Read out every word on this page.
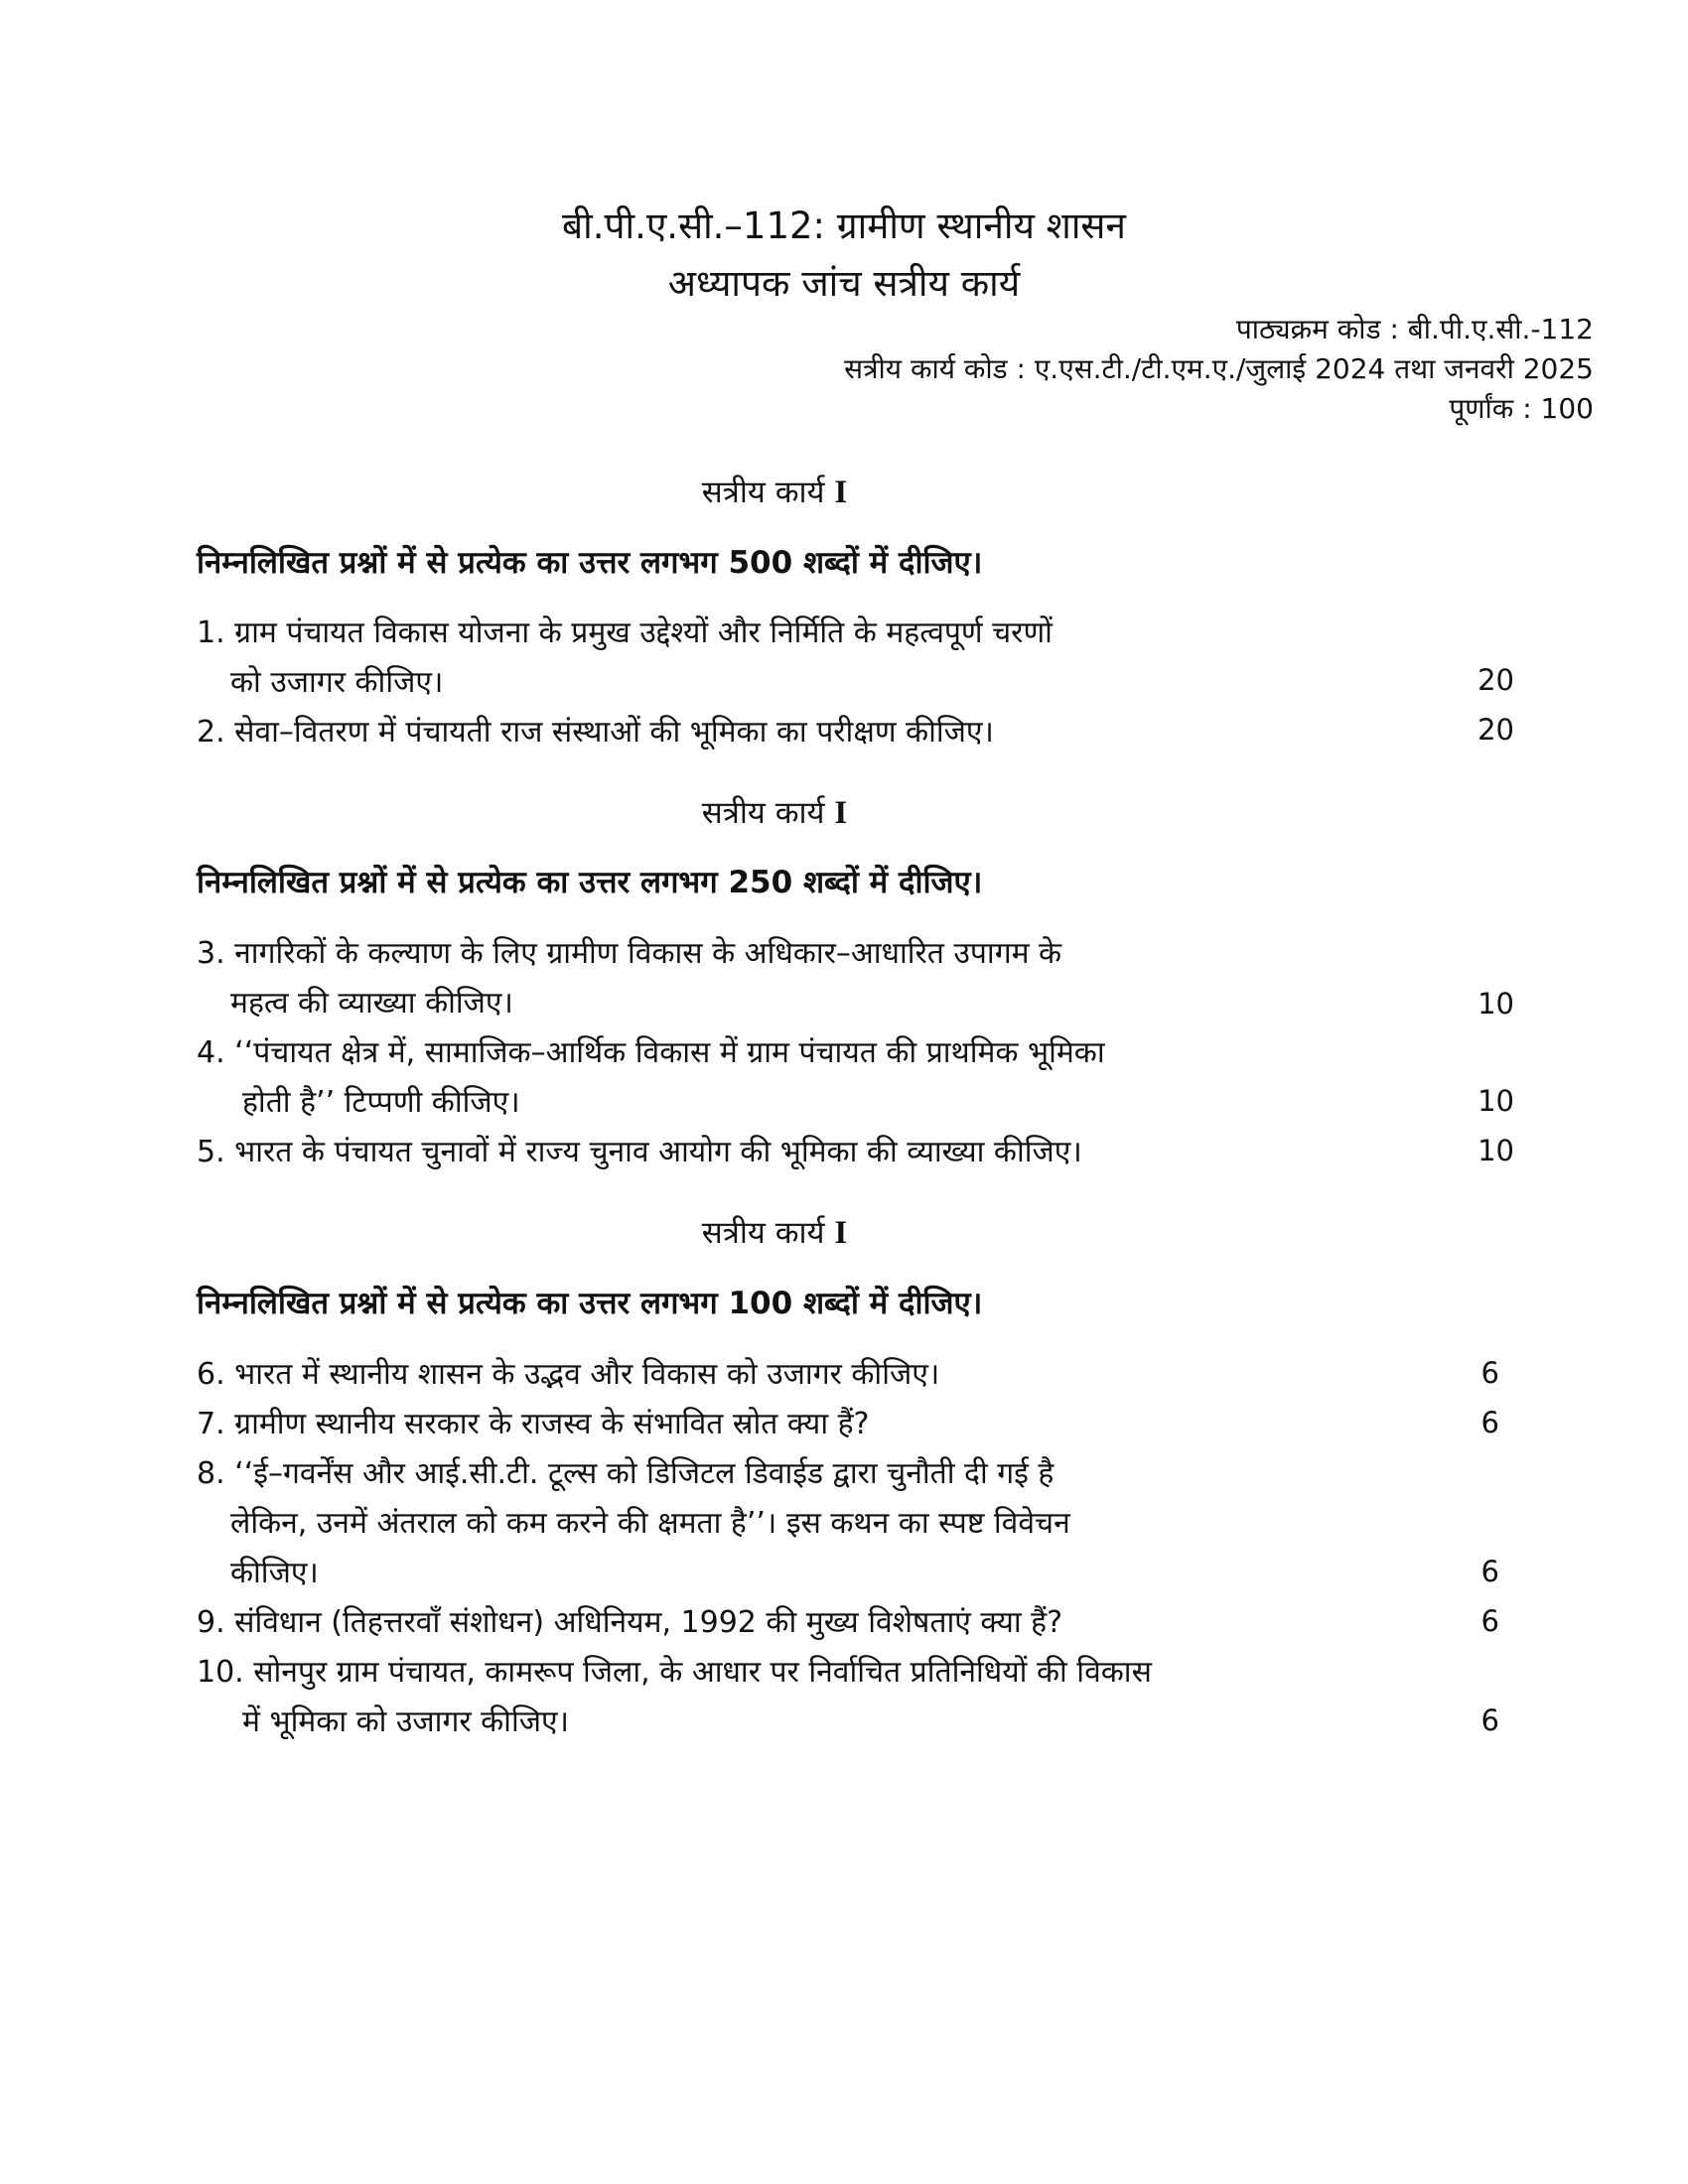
बी.पी.ए.सी.–112: ग्रामीण स्थानीय शासन
अध्यापक जांच सत्रीय कार्य
पाठ्यक्रम कोड : बी.पी.ए.सी.-112
सत्रीय कार्य कोड : ए.एस.टी./टी.एम.ए./जुलाई 2024 तथा जनवरी 2025
पूर्णांक : 100
सत्रीय कार्य I
निम्नलिखित प्रश्नों में से प्रत्येक का उत्तर लगभग 500 शब्दों में दीजिए।
1. ग्राम पंचायत विकास योजना के प्रमुख उद्देश्यों और निर्मिति के महत्वपूर्ण चरणों
को उजागर कीजिए।	20
2. सेवा–वितरण में पंचायती राज संस्थाओं की भूमिका का परीक्षण कीजिए।	20
सत्रीय कार्य I
निम्नलिखित प्रश्नों में से प्रत्येक का उत्तर लगभग 250 शब्दों में दीजिए।
3. नागरिकों के कल्याण के लिए ग्रामीण विकास के अधिकार–आधारित उपागम के
महत्व की व्याख्या कीजिए।	10
4. ‘‘पंचायत क्षेत्र में, सामाजिक–आर्थिक विकास में ग्राम पंचायत की प्राथमिक भूमिका
होती है’’ टिप्पणी कीजिए।	10
5. भारत के पंचायत चुनावों में राज्य चुनाव आयोग की भूमिका की व्याख्या कीजिए।	10
सत्रीय कार्य I
निम्नलिखित प्रश्नों में से प्रत्येक का उत्तर लगभग 100 शब्दों में दीजिए।
6. भारत में स्थानीय शासन के उद्भव और विकास को उजागर कीजिए।	6
7. ग्रामीण स्थानीय सरकार के राजस्व के संभावित स्रोत क्या हैं?	6
8. ‘‘ई–गवर्नेंस और आई.सी.टी. टूल्स को डिजिटल डिवाईड द्वारा चुनौती दी गई है
लेकिन, उनमें अंतराल को कम करने की क्षमता है’’। इस कथन का स्पष्ट विवेचन
कीजिए।	6
9. संविधान (तिहत्तरवाँ संशोधन) अधिनियम, 1992 की मुख्य विशेषताएं क्या हैं?	6
10. सोनपुर ग्राम पंचायत, कामरूप जिला, के आधार पर निर्वाचित प्रतिनिधियों की विकास
में भूमिका को उजागर कीजिए।	6
